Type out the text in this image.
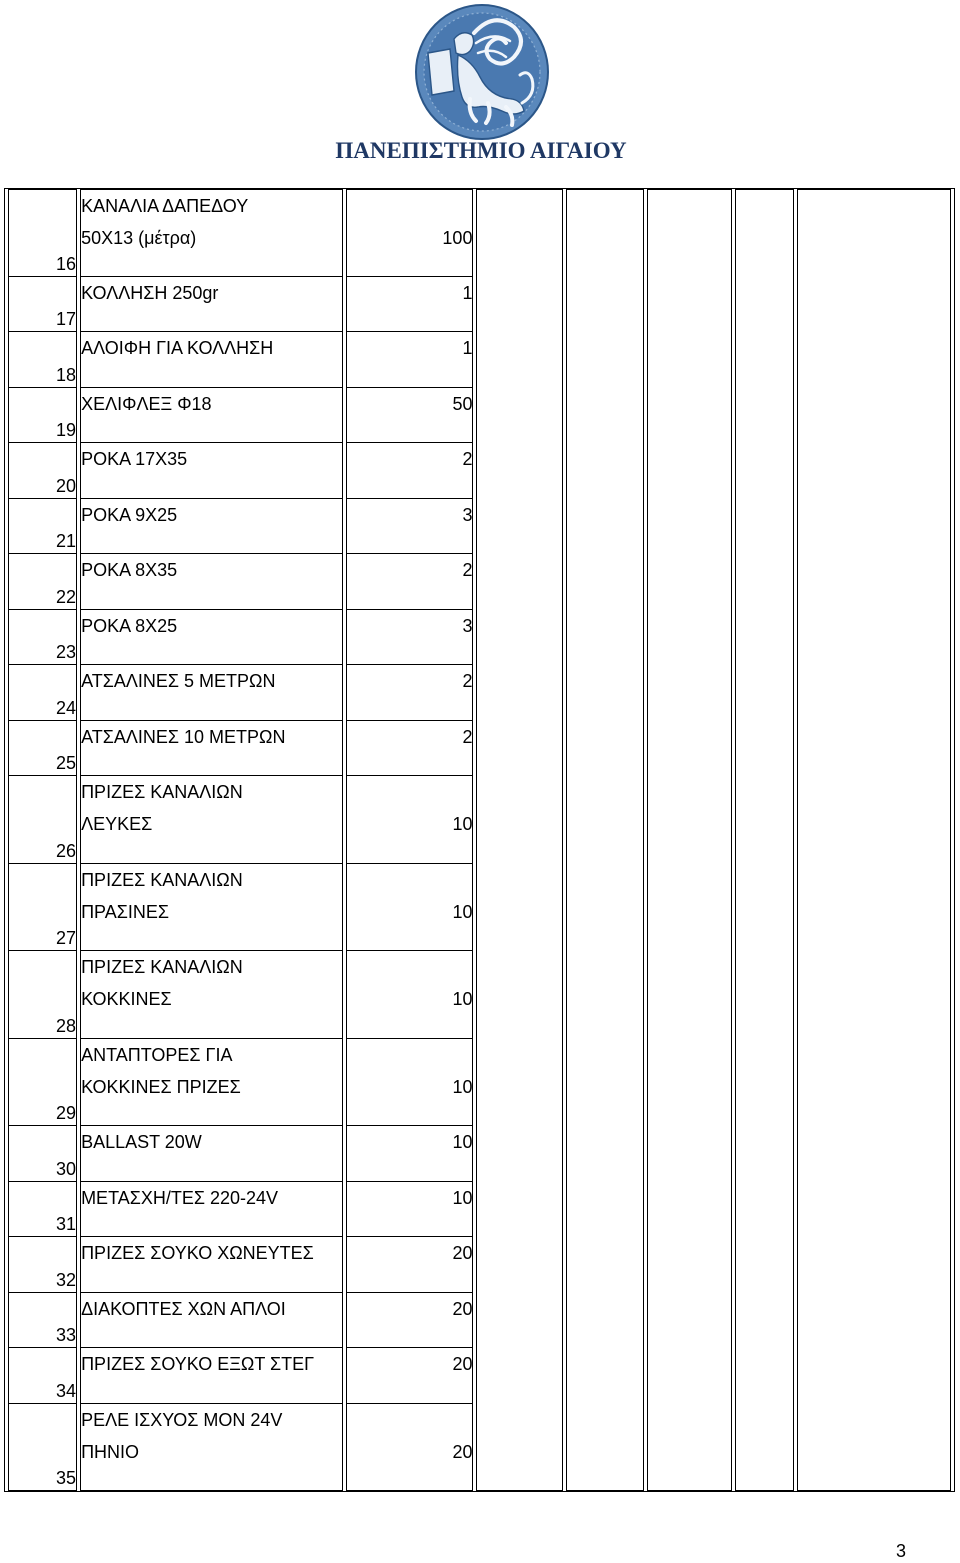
ΠΑΝΕΠΙΣΤΗΜΙΟ ΑΙΓΑΙΟΥ
16	ΚΑΝΑΛΙΑ ΔΑΠΕΔΟΥ
50Χ13 (μέτρα)	100					
17	ΚΟΛΛΗΣΗ 250gr	1					
18	ΑΛΟΙΦΗ ΓΙΑ ΚΟΛΛΗΣΗ	1					
19	ΧΕΛΙΦΛΕΞ Φ18	50					
20	ΡΟΚΑ 17Χ35	2					
21	ΡΟΚΑ 9Χ25	3					
22	ΡΟΚΑ 8Χ35	2					
23	ΡΟΚΑ 8Χ25	3					
24	ΑΤΣΑΛΙΝΕΣ 5 ΜΕΤΡΩΝ	2					
25	ΑΤΣΑΛΙΝΕΣ 10 ΜΕΤΡΩΝ	2					
26	ΠΡΙΖΕΣ ΚΑΝΑΛΙΩΝ
ΛΕΥΚΕΣ	10					
27	ΠΡΙΖΕΣ ΚΑΝΑΛΙΩΝ
ΠΡΑΣΙΝΕΣ	10					
28	ΠΡΙΖΕΣ ΚΑΝΑΛΙΩΝ
ΚΟΚΚΙΝΕΣ	10					
29	ΑΝΤΑΠΤΟΡΕΣ ΓΙΑ
ΚΟΚΚΙΝΕΣ ΠΡΙΖΕΣ	10					
30	BALLAST 20W	10					
31	ΜΕΤΑΣΧΗ/ΤΕΣ 220-24V	10					
32	ΠΡΙΖΕΣ ΣΟΥΚΟ ΧΩΝΕΥΤΕΣ	20					
33	ΔΙΑΚΟΠΤΕΣ ΧΩΝ ΑΠΛΟΙ	20					
34	ΠΡΙΖΕΣ ΣΟΥΚΟ ΕΞΩΤ ΣΤΕΓ	20					
35	ΡΕΛΕ ΙΣΧΥΟΣ ΜΟΝ 24V
ΠΗΝΙΟ	20					
3
